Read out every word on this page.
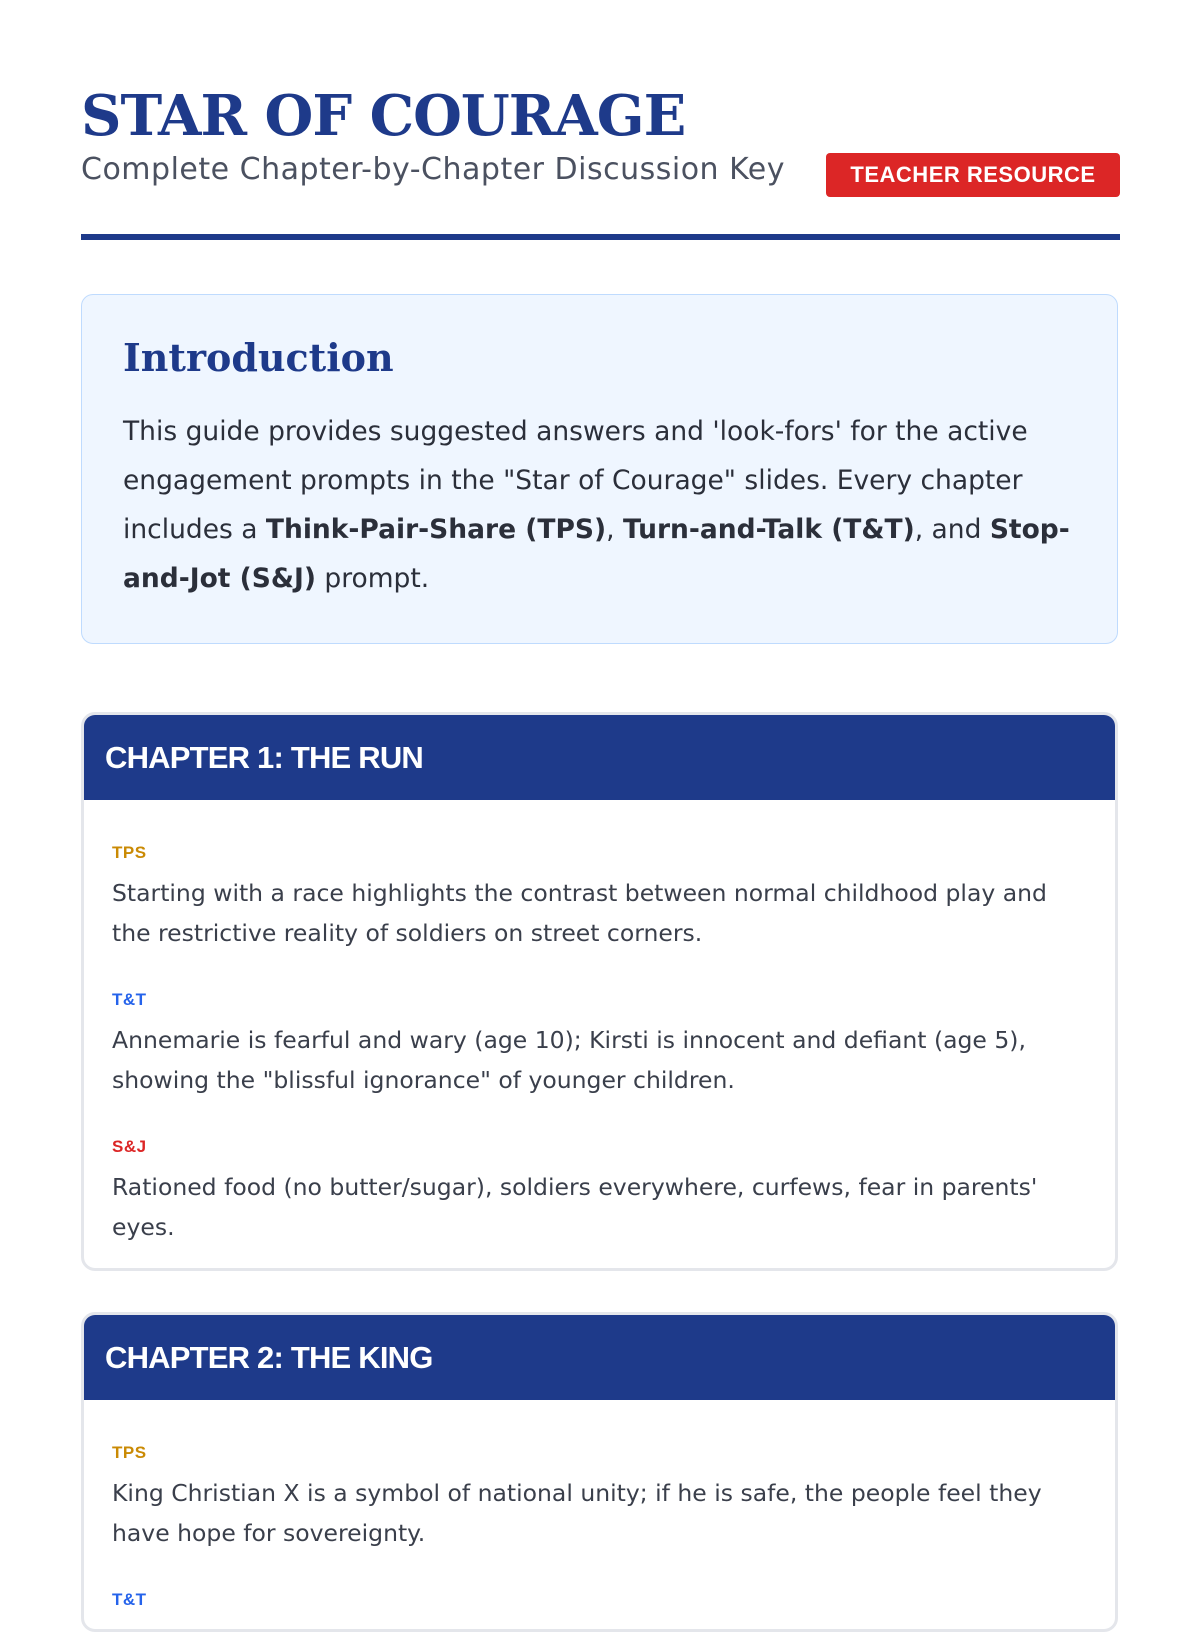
STAR OF COURAGE
Complete Chapter-by-Chapter Discussion Key	TEACHER RESOURCE
Introduction
This guide provides suggested answers and 'look-fors' for the active engagement prompts in the "Star of Courage" slides. Every chapter includes a Think-Pair-Share (TPS), Turn-and-Talk (T&T), and Stop-and-Jot (S&J) prompt.
CHAPTER 1: THE RUN
TPS
Starting with a race highlights the contrast between normal childhood play and the restrictive reality of soldiers on street corners.
T&T
Annemarie is fearful and wary (age 10); Kirsti is innocent and defiant (age 5), showing the "blissful ignorance" of younger children.
S&J
Rationed food (no butter/sugar), soldiers everywhere, curfews, fear in parents' eyes.
CHAPTER 2: THE KING
TPS
King Christian X is a symbol of national unity; if he is safe, the people feel they have hope for sovereignty.
T&T
